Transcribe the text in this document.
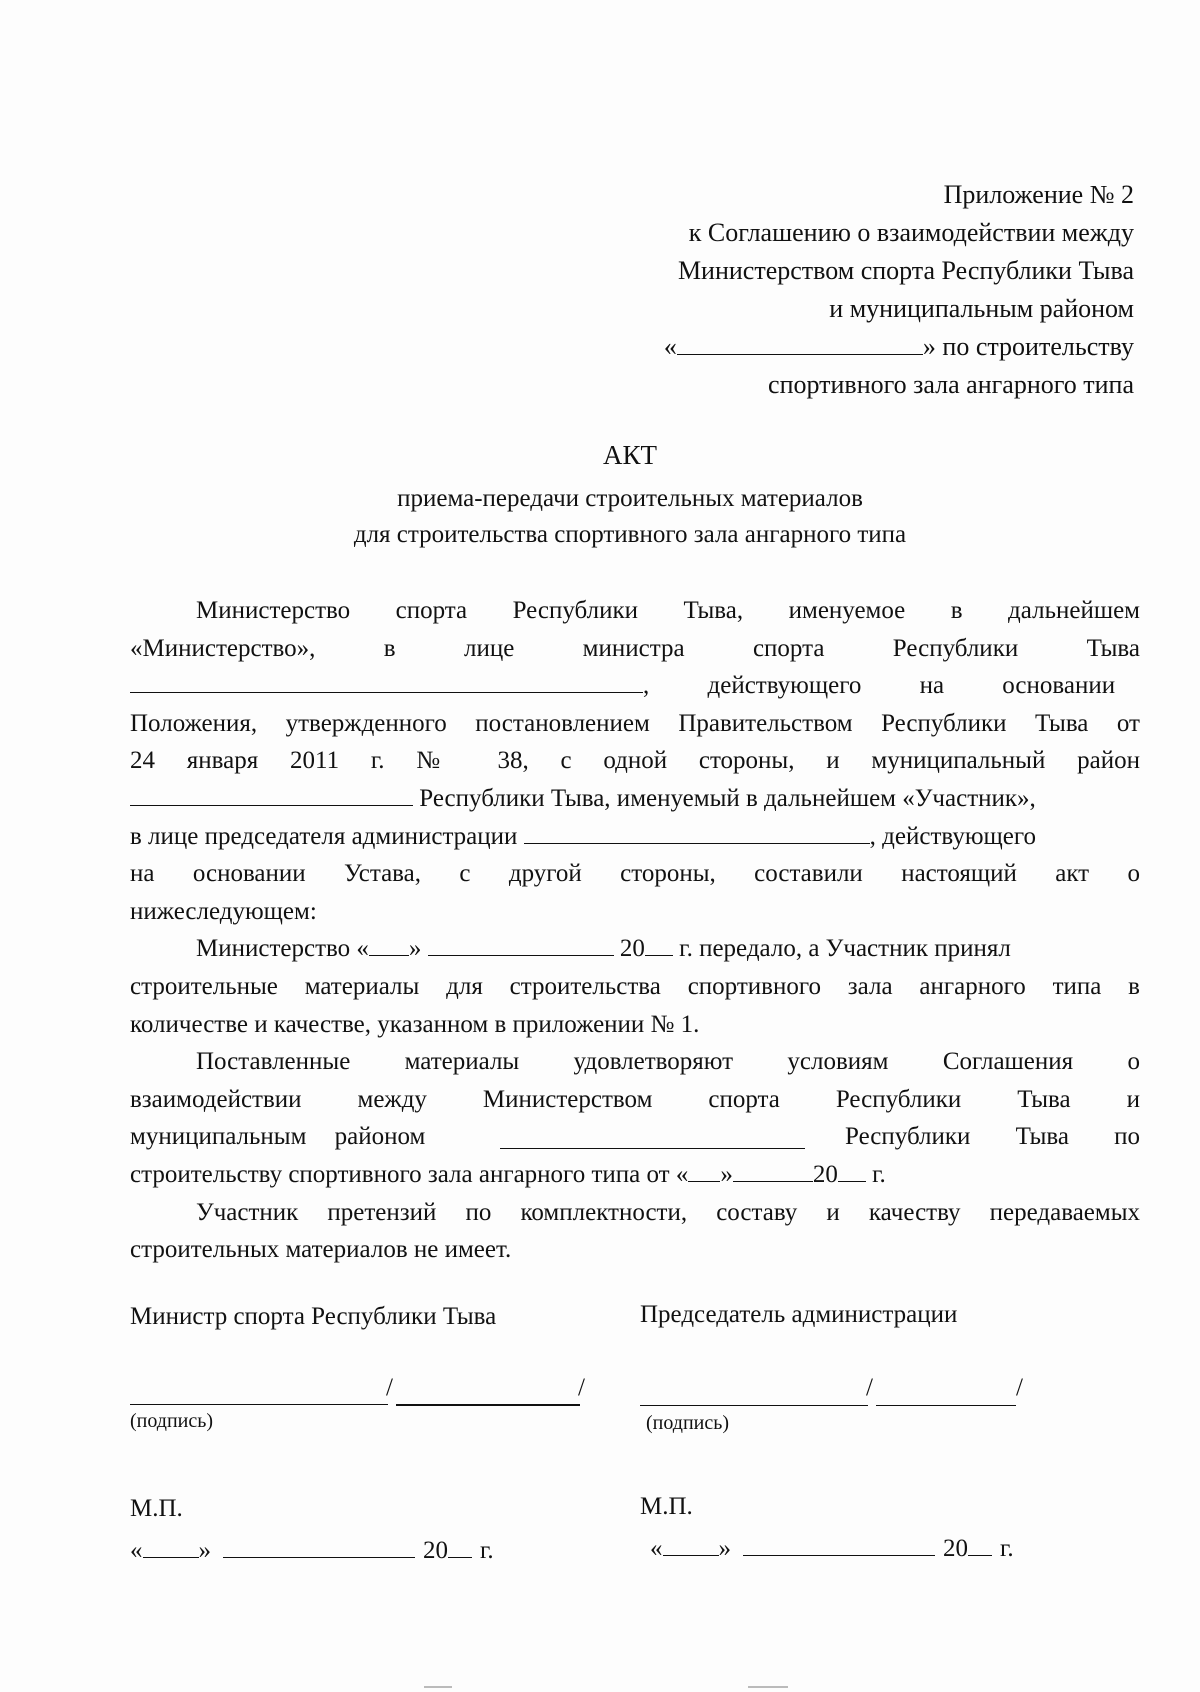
Приложение № 2
к Соглашению о взаимодействии между
Министерством спорта Республики Тыва
и муниципальным районом
«	» по строительству
спортивного зала ангарного типа
АКТ
приема-передачи строительных материалов
для строительства спортивного зала ангарного типа
Министерство спорта Республики Тыва, именуемое в дальнейшем
«Министерство», в лице министра спорта Республики Тыва
, действующего на основании
Положения, утвержденного постановлением Правительством Республики Тыва от
24 января 2011 г. № 38, с одной стороны, и муниципальный район
Республики Тыва, именуемый в дальнейшем «Участник»,
в лице председателя администрации	, действующего
на основании Устава, с другой стороны, составили настоящий акт о
нижеследующем:
Министерство « »	20 г. передало, а Участник принял
строительные материалы для строительства спортивного зала ангарного типа в
количестве и качестве, указанном в приложении № 1.
Поставленные материалы удовлетворяют условиям Соглашения о
взаимодействии между Министерством спорта Республики Тыва и
муниципальным районом	Республики Тыва по
строительству спортивного зала ангарного типа от « »	20 г.
Участник претензий по комплектности, составу и качеству передаваемых
строительных материалов не имеет.
Министр спорта Республики Тыва
/	/
(подпись)
М.П.
« »	20 г.
Председатель администрации
/	/
(подпись)
М.П.
« »	20 г.
